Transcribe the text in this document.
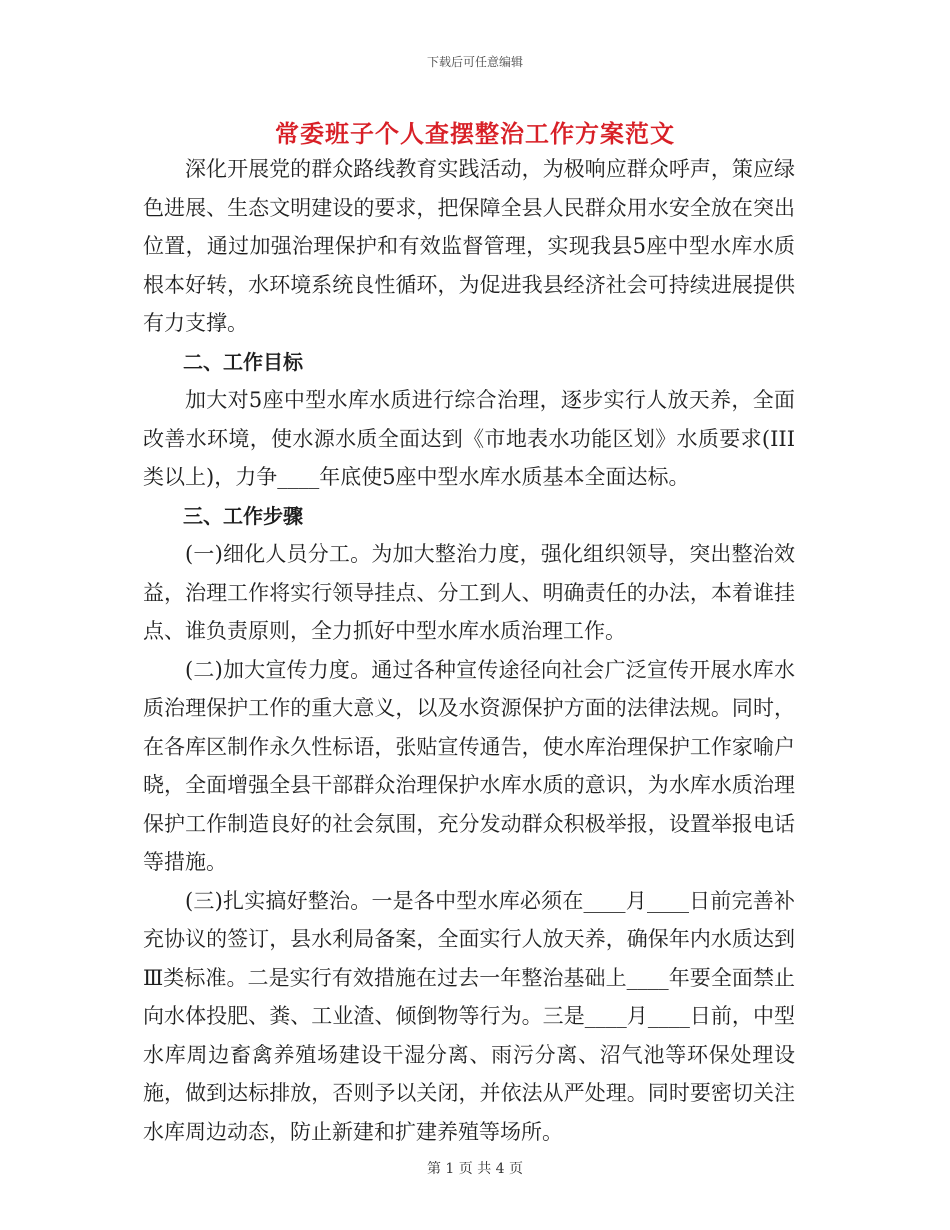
下载后可任意编辑
常委班子个人查摆整治工作方案范文

深化开展党的群众路线教育实践活动，为极响应群众呼声，策应绿色进展、生态文明建设的要求，把保障全县人民群众用水安全放在突出位置，通过加强治理保护和有效监督管理，实现我县5座中型水库水质根本好转，水环境系统良性循环，为促进我县经济社会可持续进展提供有力支撑。

二、工作目标

加大对5座中型水库水质进行综合治理，逐步实行人放天养，全面改善水环境，使水源水质全面达到《市地表水功能区划》水质要求(III类以上)，力争____年底使5座中型水库水质基本全面达标。

三、工作步骤

(一)细化人员分工。为加大整治力度，强化组织领导，突出整治效益，治理工作将实行领导挂点、分工到人、明确责任的办法，本着谁挂点、谁负责原则，全力抓好中型水库水质治理工作。

(二)加大宣传力度。通过各种宣传途径向社会广泛宣传开展水库水质治理保护工作的重大意义，以及水资源保护方面的法律法规。同时，在各库区制作永久性标语，张贴宣传通告，使水库治理保护工作家喻户晓，全面增强全县干部群众治理保护水库水质的意识，为水库水质治理保护工作制造良好的社会氛围，充分发动群众积极举报，设置举报电话等措施。

(三)扎实搞好整治。一是各中型水库必须在____月____日前完善补充协议的签订，县水利局备案，全面实行人放天养，确保年内水质达到Ⅲ类标准。二是实行有效措施在过去一年整治基础上____年要全面禁止向水体投肥、粪、工业渣、倾倒物等行为。三是____月____日前，中型水库周边畜禽养殖场建设干湿分离、雨污分离、沼气池等环保处理设施，做到达标排放，否则予以关闭，并依法从严处理。同时要密切关注水库周边动态，防止新建和扩建养殖等场所。

第 1 页 共 4 页
